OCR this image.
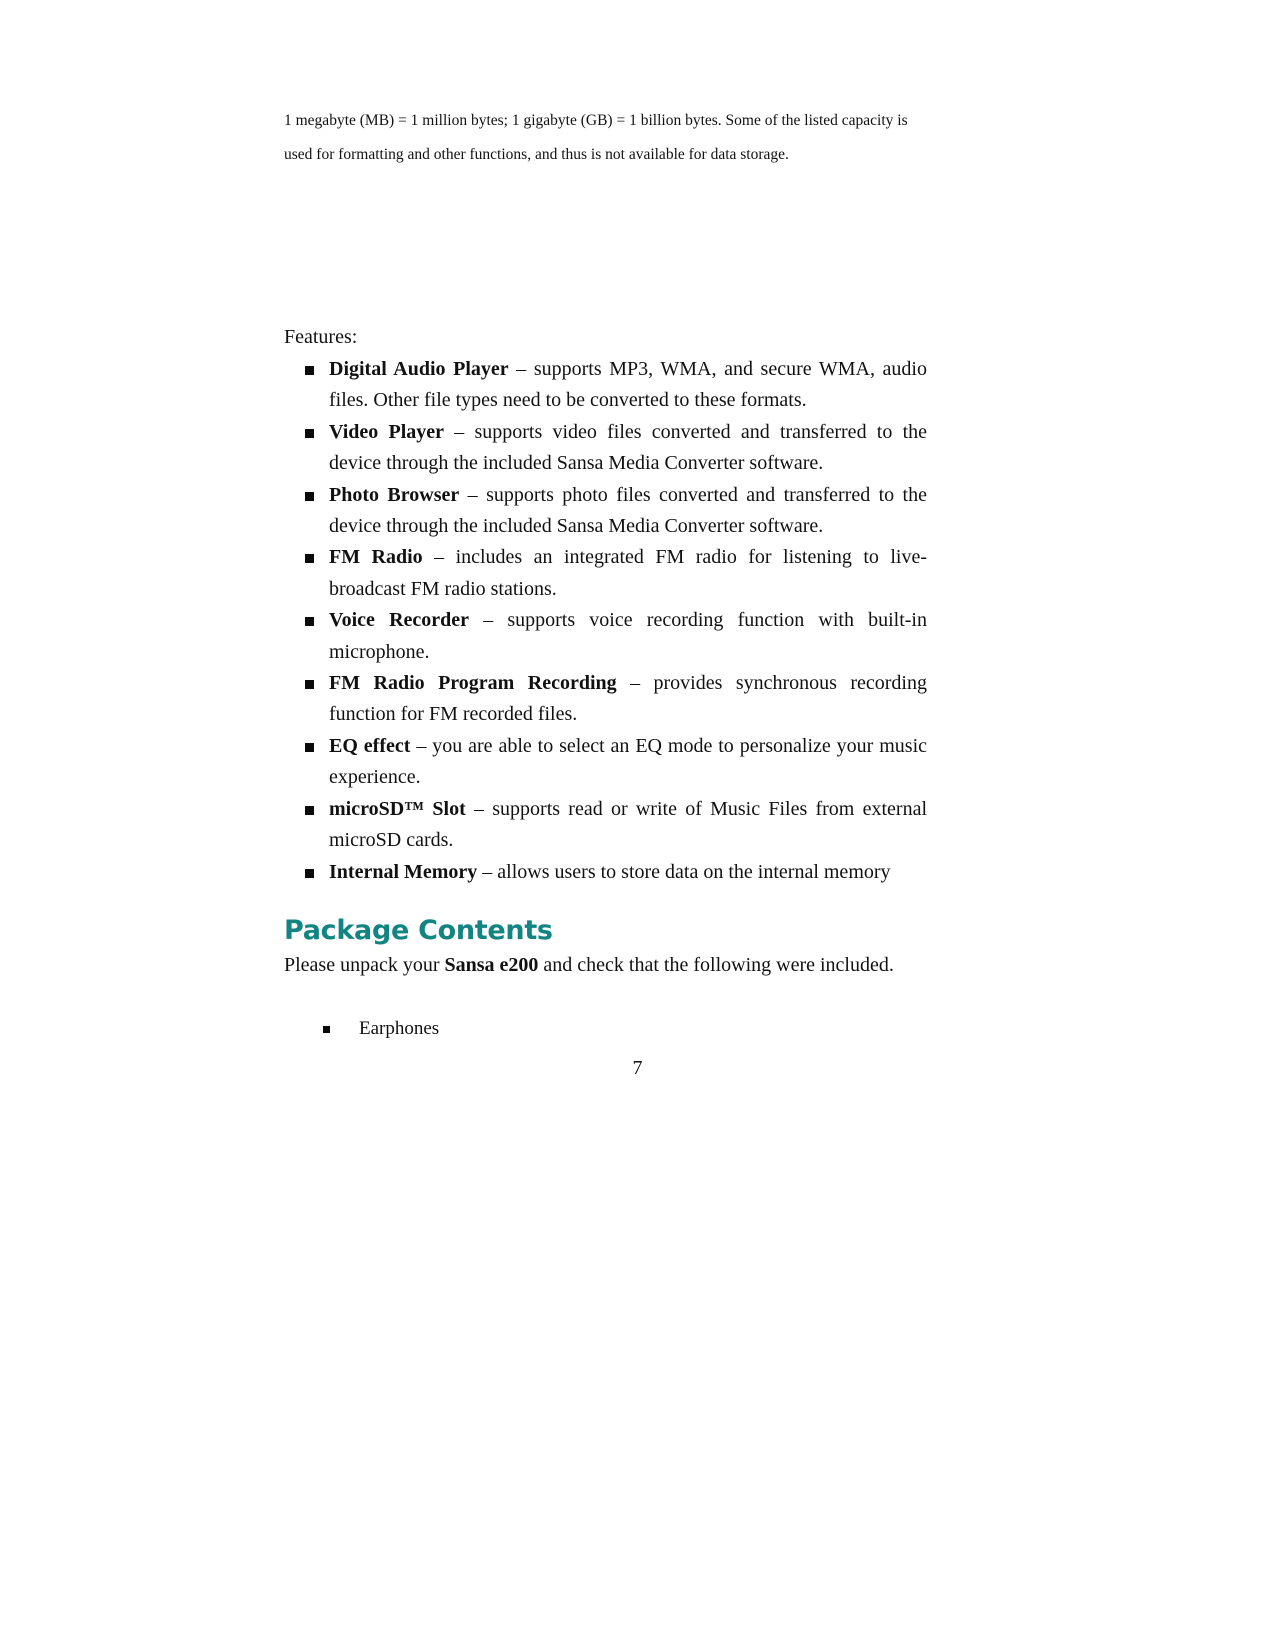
1 megabyte (MB) = 1 million bytes; 1 gigabyte (GB) = 1 billion bytes. Some of the listed capacity is
used for formatting and other functions, and thus is not available for data storage.

Features:

Digital Audio Player – supports MP3, WMA, and secure WMA, audio files. Other file types need to be converted to these formats.
Video Player – supports video files converted and transferred to the device through the included Sansa Media Converter software.
Photo Browser – supports photo files converted and transferred to the device through the included Sansa Media Converter software.
FM Radio – includes an integrated FM radio for listening to live-broadcast FM radio stations.
Voice Recorder – supports voice recording function with built-in microphone.
FM Radio Program Recording – provides synchronous recording function for FM recorded files.
EQ effect – you are able to select an EQ mode to personalize your music experience.
microSD™ Slot – supports read or write of Music Files from external microSD cards.
Internal Memory – allows users to store data on the internal memory
Package Contents

Please unpack your Sansa e200 and check that the following were included.

Earphones
7
